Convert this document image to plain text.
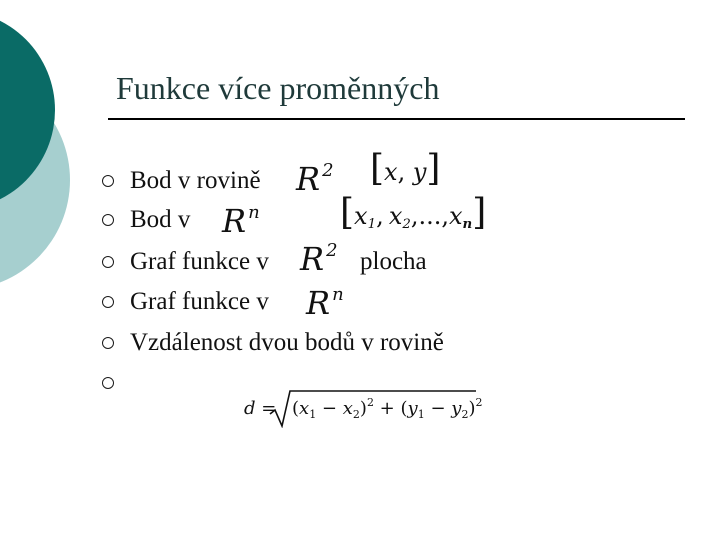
Funkce více proměnných
Bod v rovině
Bod v
Graf funkce v	plocha
Graf funkce v
Vzdálenost dvou bodů v rovině
R $^2$ [x, y]
R $^n$ [$x_1$, $x_2,...,x_n$]
R $^2$
R $^n$
$d = (x_1 - x_2)^2 + (y_1 - y_2)^2$
